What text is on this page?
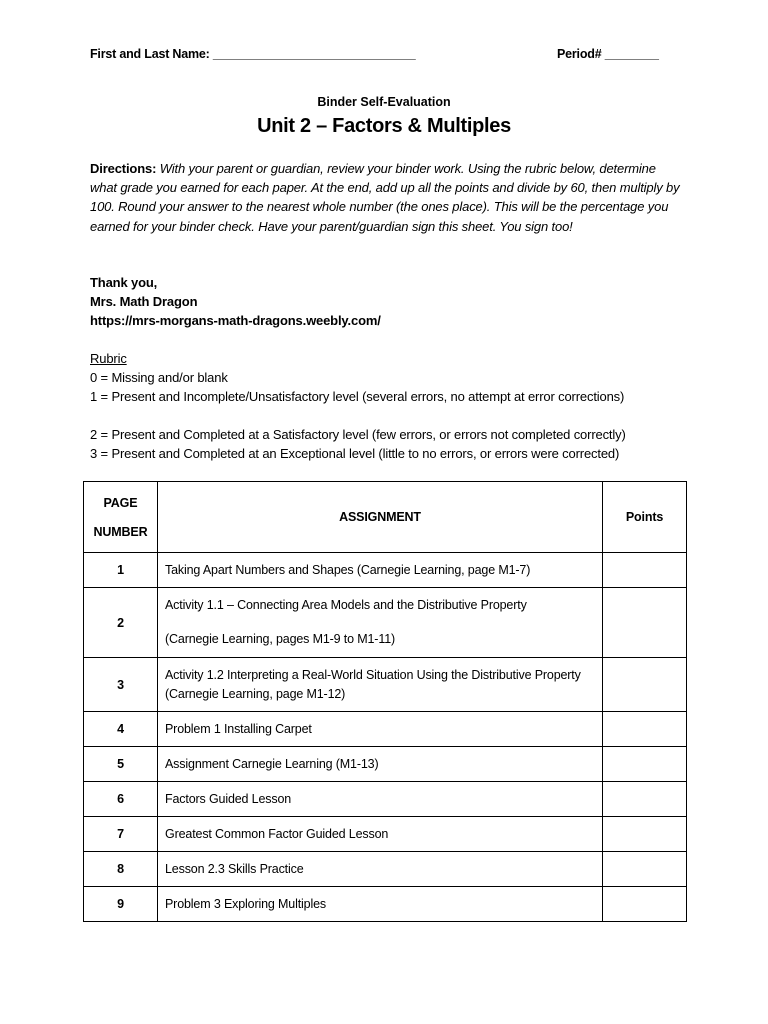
First and Last Name: ______________________________	Period# ________
Binder Self-Evaluation
Unit 2 – Factors & Multiples
Directions: With your parent or guardian, review your binder work. Using the rubric below, determine what grade you earned for each paper. At the end, add up all the points and divide by 60, then multiply by 100. Round your answer to the nearest whole number (the ones place). This will be the percentage you earned for your binder check. Have your parent/guardian sign this sheet. You sign too!
Thank you,
Mrs. Math Dragon
https://mrs-morgans-math-dragons.weebly.com/
Rubric
0 = Missing and/or blank
1 = Present and Incomplete/Unsatisfactory level (several errors, no attempt at error corrections)
2 = Present and Completed at a Satisfactory level (few errors, or errors not completed correctly)
3 = Present and Completed at an Exceptional level (little to no errors, or errors were corrected)
PAGE
NUMBER	ASSIGNMENT	Points
1	Taking Apart Numbers and Shapes (Carnegie Learning, page M1-7)	
2	Activity 1.1 – Connecting Area Models and the Distributive Property
(Carnegie Learning, pages M1-9 to M1-11)	

3	Activity 1.2 Interpreting a Real-World Situation Using the Distributive Property (Carnegie Learning, page M1-12)	
4	Problem 1 Installing Carpet	
5	Assignment Carnegie Learning (M1-13)	
6	Factors Guided Lesson	
7	Greatest Common Factor Guided Lesson	
8	Lesson 2.3 Skills Practice	
9	Problem 3 Exploring Multiples	
